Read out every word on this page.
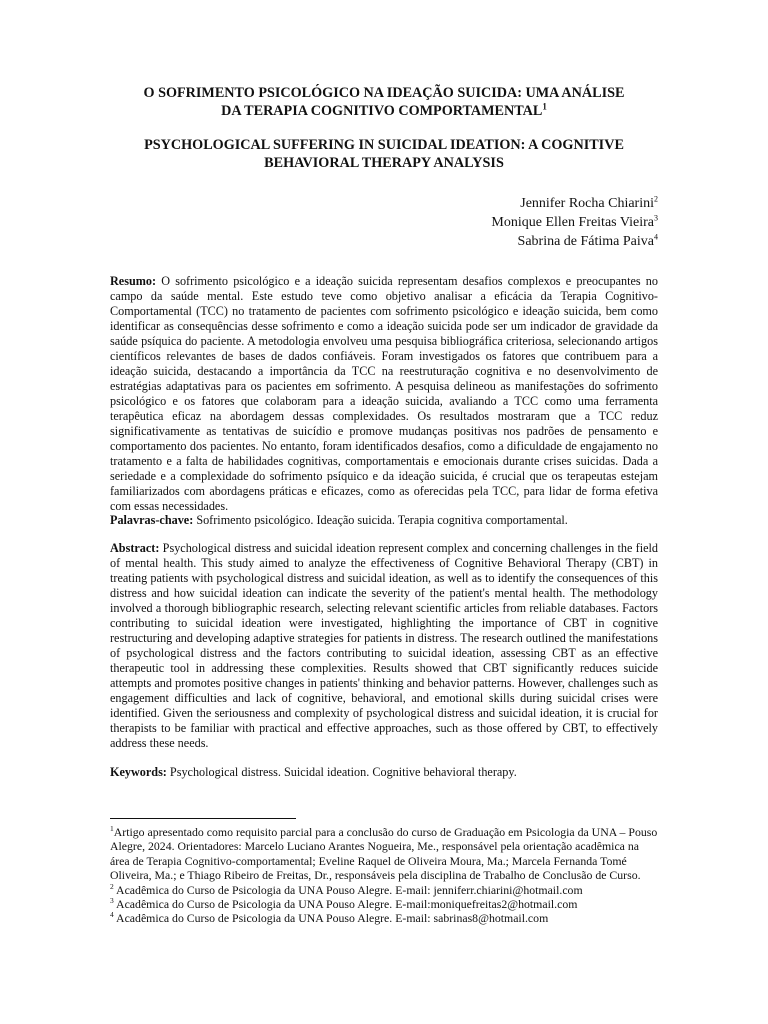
O SOFRIMENTO PSICOLÓGICO NA IDEAÇÃO SUICIDA: UMA ANÁLISE
DA TERAPIA COGNITIVO COMPORTAMENTAL$^1$
PSYCHOLOGICAL SUFFERING IN SUICIDAL IDEATION: A COGNITIVE
BEHAVIORAL THERAPY ANALYSIS
Jennifer Rocha Chiarini$^2$
Monique Ellen Freitas Vieira$^3$
Sabrina de Fátima Paiva$^4$
Resumo: O sofrimento psicológico e a ideação suicida representam desafios complexos e preocupantes no campo da saúde mental. Este estudo teve como objetivo analisar a eficácia da Terapia Cognitivo-Comportamental (TCC) no tratamento de pacientes com sofrimento psicológico e ideação suicida, bem como identificar as consequências desse sofrimento e como a ideação suicida pode ser um indicador de gravidade da saúde psíquica do paciente. A metodologia envolveu uma pesquisa bibliográfica criteriosa, selecionando artigos científicos relevantes de bases de dados confiáveis. Foram investigados os fatores que contribuem para a ideação suicida, destacando a importância da TCC na reestruturação cognitiva e no desenvolvimento de estratégias adaptativas para os pacientes em sofrimento. A pesquisa delineou as manifestações do sofrimento psicológico e os fatores que colaboram para a ideação suicida, avaliando a TCC como uma ferramenta terapêutica eficaz na abordagem dessas complexidades. Os resultados mostraram que a TCC reduz significativamente as tentativas de suicídio e promove mudanças positivas nos padrões de pensamento e comportamento dos pacientes. No entanto, foram identificados desafios, como a dificuldade de engajamento no tratamento e a falta de habilidades cognitivas, comportamentais e emocionais durante crises suicidas. Dada a seriedade e a complexidade do sofrimento psíquico e da ideação suicida, é crucial que os terapeutas estejam familiarizados com abordagens práticas e eficazes, como as oferecidas pela TCC, para lidar de forma efetiva com essas necessidades.
Palavras-chave: Sofrimento psicológico. Ideação suicida. Terapia cognitiva comportamental.
Abstract: Psychological distress and suicidal ideation represent complex and concerning challenges in the field of mental health. This study aimed to analyze the effectiveness of Cognitive Behavioral Therapy (CBT) in treating patients with psychological distress and suicidal ideation, as well as to identify the consequences of this distress and how suicidal ideation can indicate the severity of the patient's mental health. The methodology involved a thorough bibliographic research, selecting relevant scientific articles from reliable databases. Factors contributing to suicidal ideation were investigated, highlighting the importance of CBT in cognitive restructuring and developing adaptive strategies for patients in distress. The research outlined the manifestations of psychological distress and the factors contributing to suicidal ideation, assessing CBT as an effective therapeutic tool in addressing these complexities. Results showed that CBT significantly reduces suicide attempts and promotes positive changes in patients' thinking and behavior patterns. However, challenges such as engagement difficulties and lack of cognitive, behavioral, and emotional skills during suicidal crises were identified. Given the seriousness and complexity of psychological distress and suicidal ideation, it is crucial for therapists to be familiar with practical and effective approaches, such as those offered by CBT, to effectively address these needs.
Keywords: Psychological distress. Suicidal ideation. Cognitive behavioral therapy.
$^1$Artigo apresentado como requisito parcial para a conclusão do curso de Graduação em Psicologia da UNA – Pouso Alegre, 2024. Orientadores: Marcelo Luciano Arantes Nogueira, Me., responsável pela orientação acadêmica na área de Terapia Cognitivo-comportamental; Eveline Raquel de Oliveira Moura, Ma.; Marcela Fernanda Tomé Oliveira, Ma.; e Thiago Ribeiro de Freitas, Dr., responsáveis pela disciplina de Trabalho de Conclusão de Curso.
$^2$ Acadêmica do Curso de Psicologia da UNA Pouso Alegre. E-mail: jenniferr.chiarini@hotmail.com
$^3$ Acadêmica do Curso de Psicologia da UNA Pouso Alegre. E-mail:moniquefreitas2@hotmail.com
$^4$ Acadêmica do Curso de Psicologia da UNA Pouso Alegre. E-mail: sabrinas8@hotmail.com
